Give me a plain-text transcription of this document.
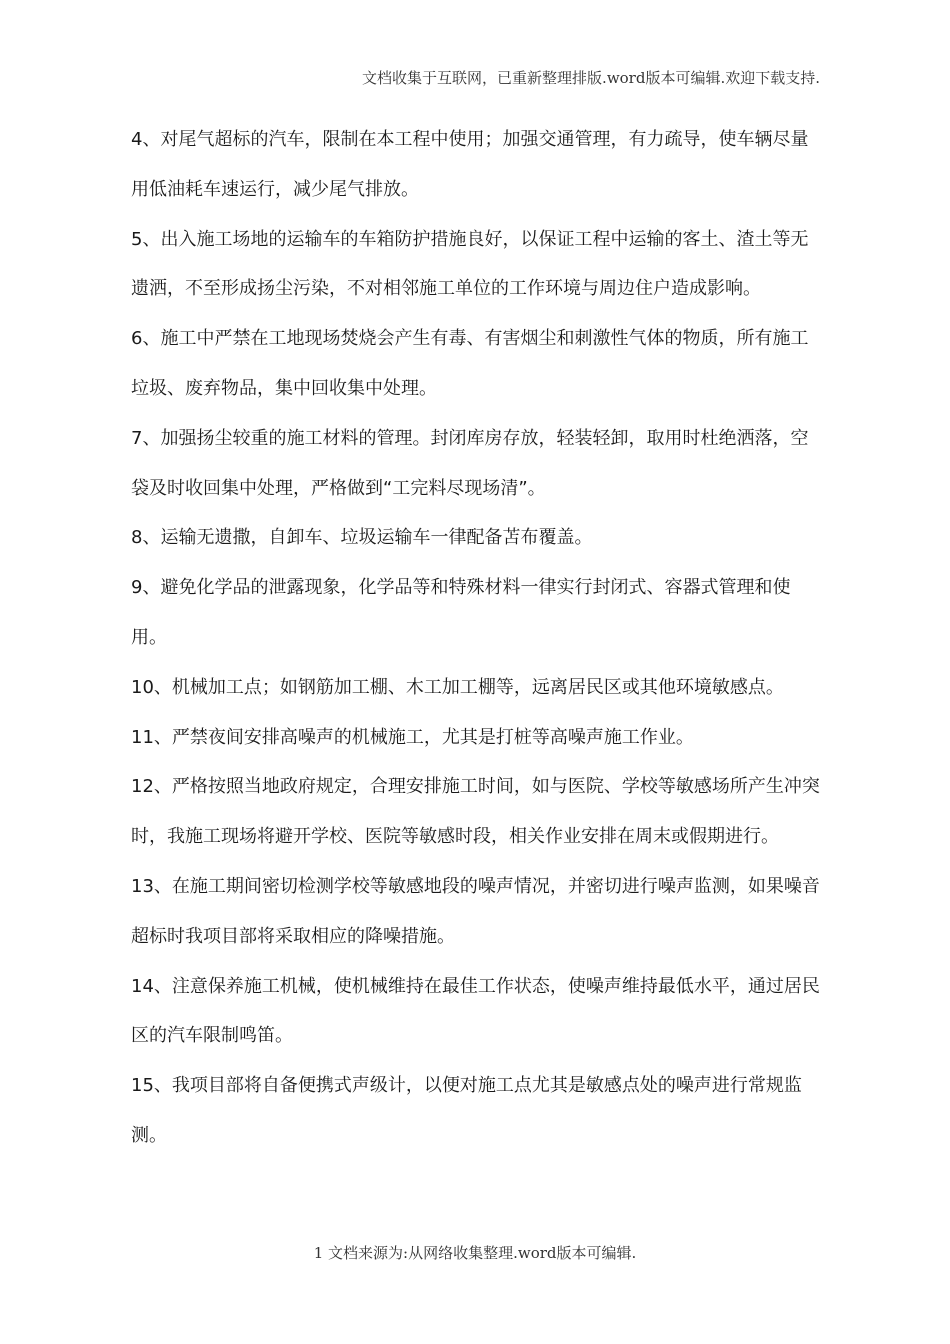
文档收集于互联网，已重新整理排版.word版本可编辑.欢迎下载支持.

4、对尾气超标的汽车，限制在本工程中使用；加强交通管理，有力疏导，使车辆尽量用低油耗车速运行，减少尾气排放。

5、出入施工场地的运输车的车箱防护措施良好，以保证工程中运输的客土、渣土等无遗洒，不至形成扬尘污染，不对相邻施工单位的工作环境与周边住户造成影响。

6、施工中严禁在工地现场焚烧会产生有毒、有害烟尘和刺激性气体的物质，所有施工垃圾、废弃物品，集中回收集中处理。

7、加强扬尘较重的施工材料的管理。封闭库房存放，轻装轻卸，取用时杜绝洒落，空袋及时收回集中处理，严格做到“工完料尽现场清”。

8、运输无遗撒，自卸车、垃圾运输车一律配备苫布覆盖。

9、避免化学品的泄露现象，化学品等和特殊材料一律实行封闭式、容器式管理和使用。

10、机械加工点；如钢筋加工棚、木工加工棚等，远离居民区或其他环境敏感点。

11、严禁夜间安排高噪声的机械施工，尤其是打桩等高噪声施工作业。

12、严格按照当地政府规定，合理安排施工时间，如与医院、学校等敏感场所产生冲突时，我施工现场将避开学校、医院等敏感时段，相关作业安排在周末或假期进行。

13、在施工期间密切检测学校等敏感地段的噪声情况，并密切进行噪声监测，如果噪音超标时我项目部将采取相应的降噪措施。

14、注意保养施工机械，使机械维持在最佳工作状态，使噪声维持最低水平，通过居民区的汽车限制鸣笛。

15、我项目部将自备便携式声级计，以便对施工点尤其是敏感点处的噪声进行常规监测。

1 文档来源为:从网络收集整理.word版本可编辑.
